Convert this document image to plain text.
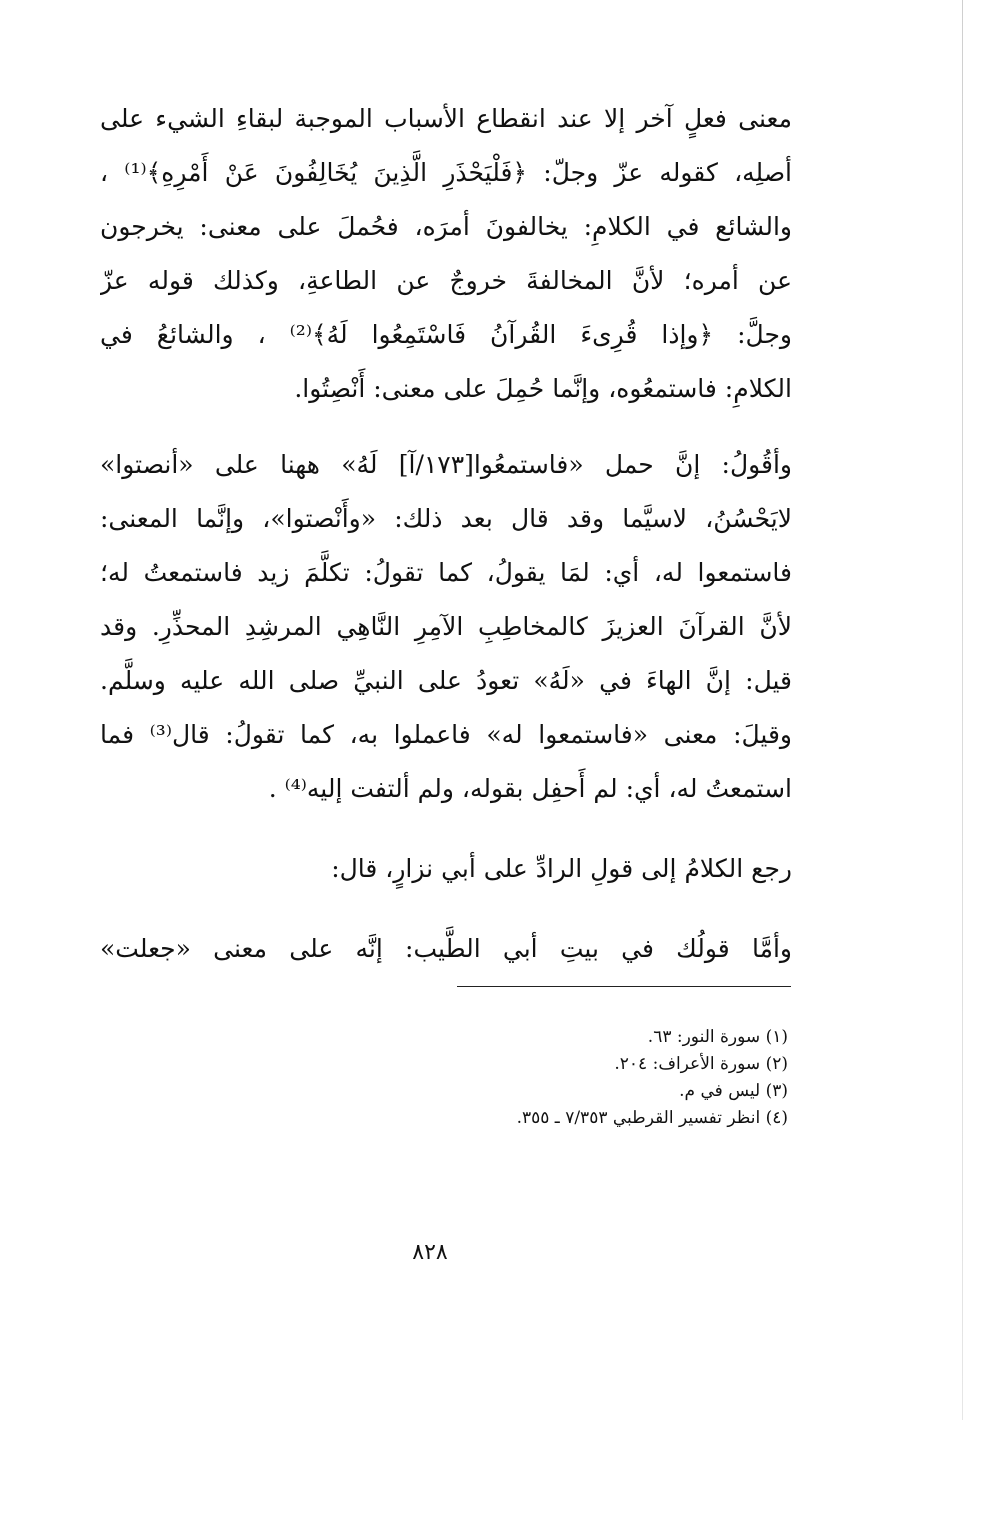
معنى فعلٍ آخر إلا عند انقطاع الأسباب الموجبة لبقاءِ الشيء على
أصلِه، كقوله عزّ وجلّ: ﴿فَلْيَحْذَرِ الَّذِينَ يُخَالِفُونَ عَنْ أَمْرِهِ﴾⁽¹⁾ ،
والشائع في الكلامِ: يخالفونَ أمرَه، فحُملَ على معنى: يخرجون
عن أمره؛ لأنَّ المخالفةَ خروجٌ عن الطاعةِ، وكذلك قوله عزّ
وجلَّ: ﴿وإذا قُرِىءَ القُرآنُ فَاسْتَمِعُوا لَهُ﴾⁽²⁾ ، والشائعُ في
الكلامِ: فاستمعُوه، وإنَّما حُمِلَ على معنى: أَنْصِتُوا.
وأقُولُ: إنَّ حمل «فاستمعُوا[١٧٣/آ] لَهُ» ههنا على «أنصتوا»
لايَحْسُنُ، لاسيَّما وقد قال بعد ذلك: «وأَنْصتوا»، وإنَّما المعنى:
فاستمعوا له، أي: لمَا يقولُ، كما تقولُ: تكلَّمَ زيد فاستمعتُ له؛
لأنَّ القرآنَ العزيزَ كالمخاطِبِ الآمِرِ النَّاهِي المرشِدِ المحذِّرِ. وقد
قيل: إنَّ الهاءَ في «لَهُ» تعودُ على النبيِّ صلى الله عليه وسلَّم.
وقيلَ: معنى «فاستمعوا له» فاعملوا به، كما تقولُ: قال⁽³⁾ فما
استمعتُ له، أي: لم أَحفِل بقوله، ولم ألتفت إليه⁽⁴⁾ .
رجع الكلامُ إلى قولِ الرادِّ على أبي نزارٍ، قال:
وأمَّا قولُك في بيتِ أبي الطَّيب: إنَّه على معنى «جعلت»
(١) سورة النور: ٦٣.
(٢) سورة الأعراف: ٢٠٤.
(٣) ليس في م.
(٤) انظر تفسير القرطبي ٧/٣٥٣ ـ ٣٥٥.
٨٢٨
